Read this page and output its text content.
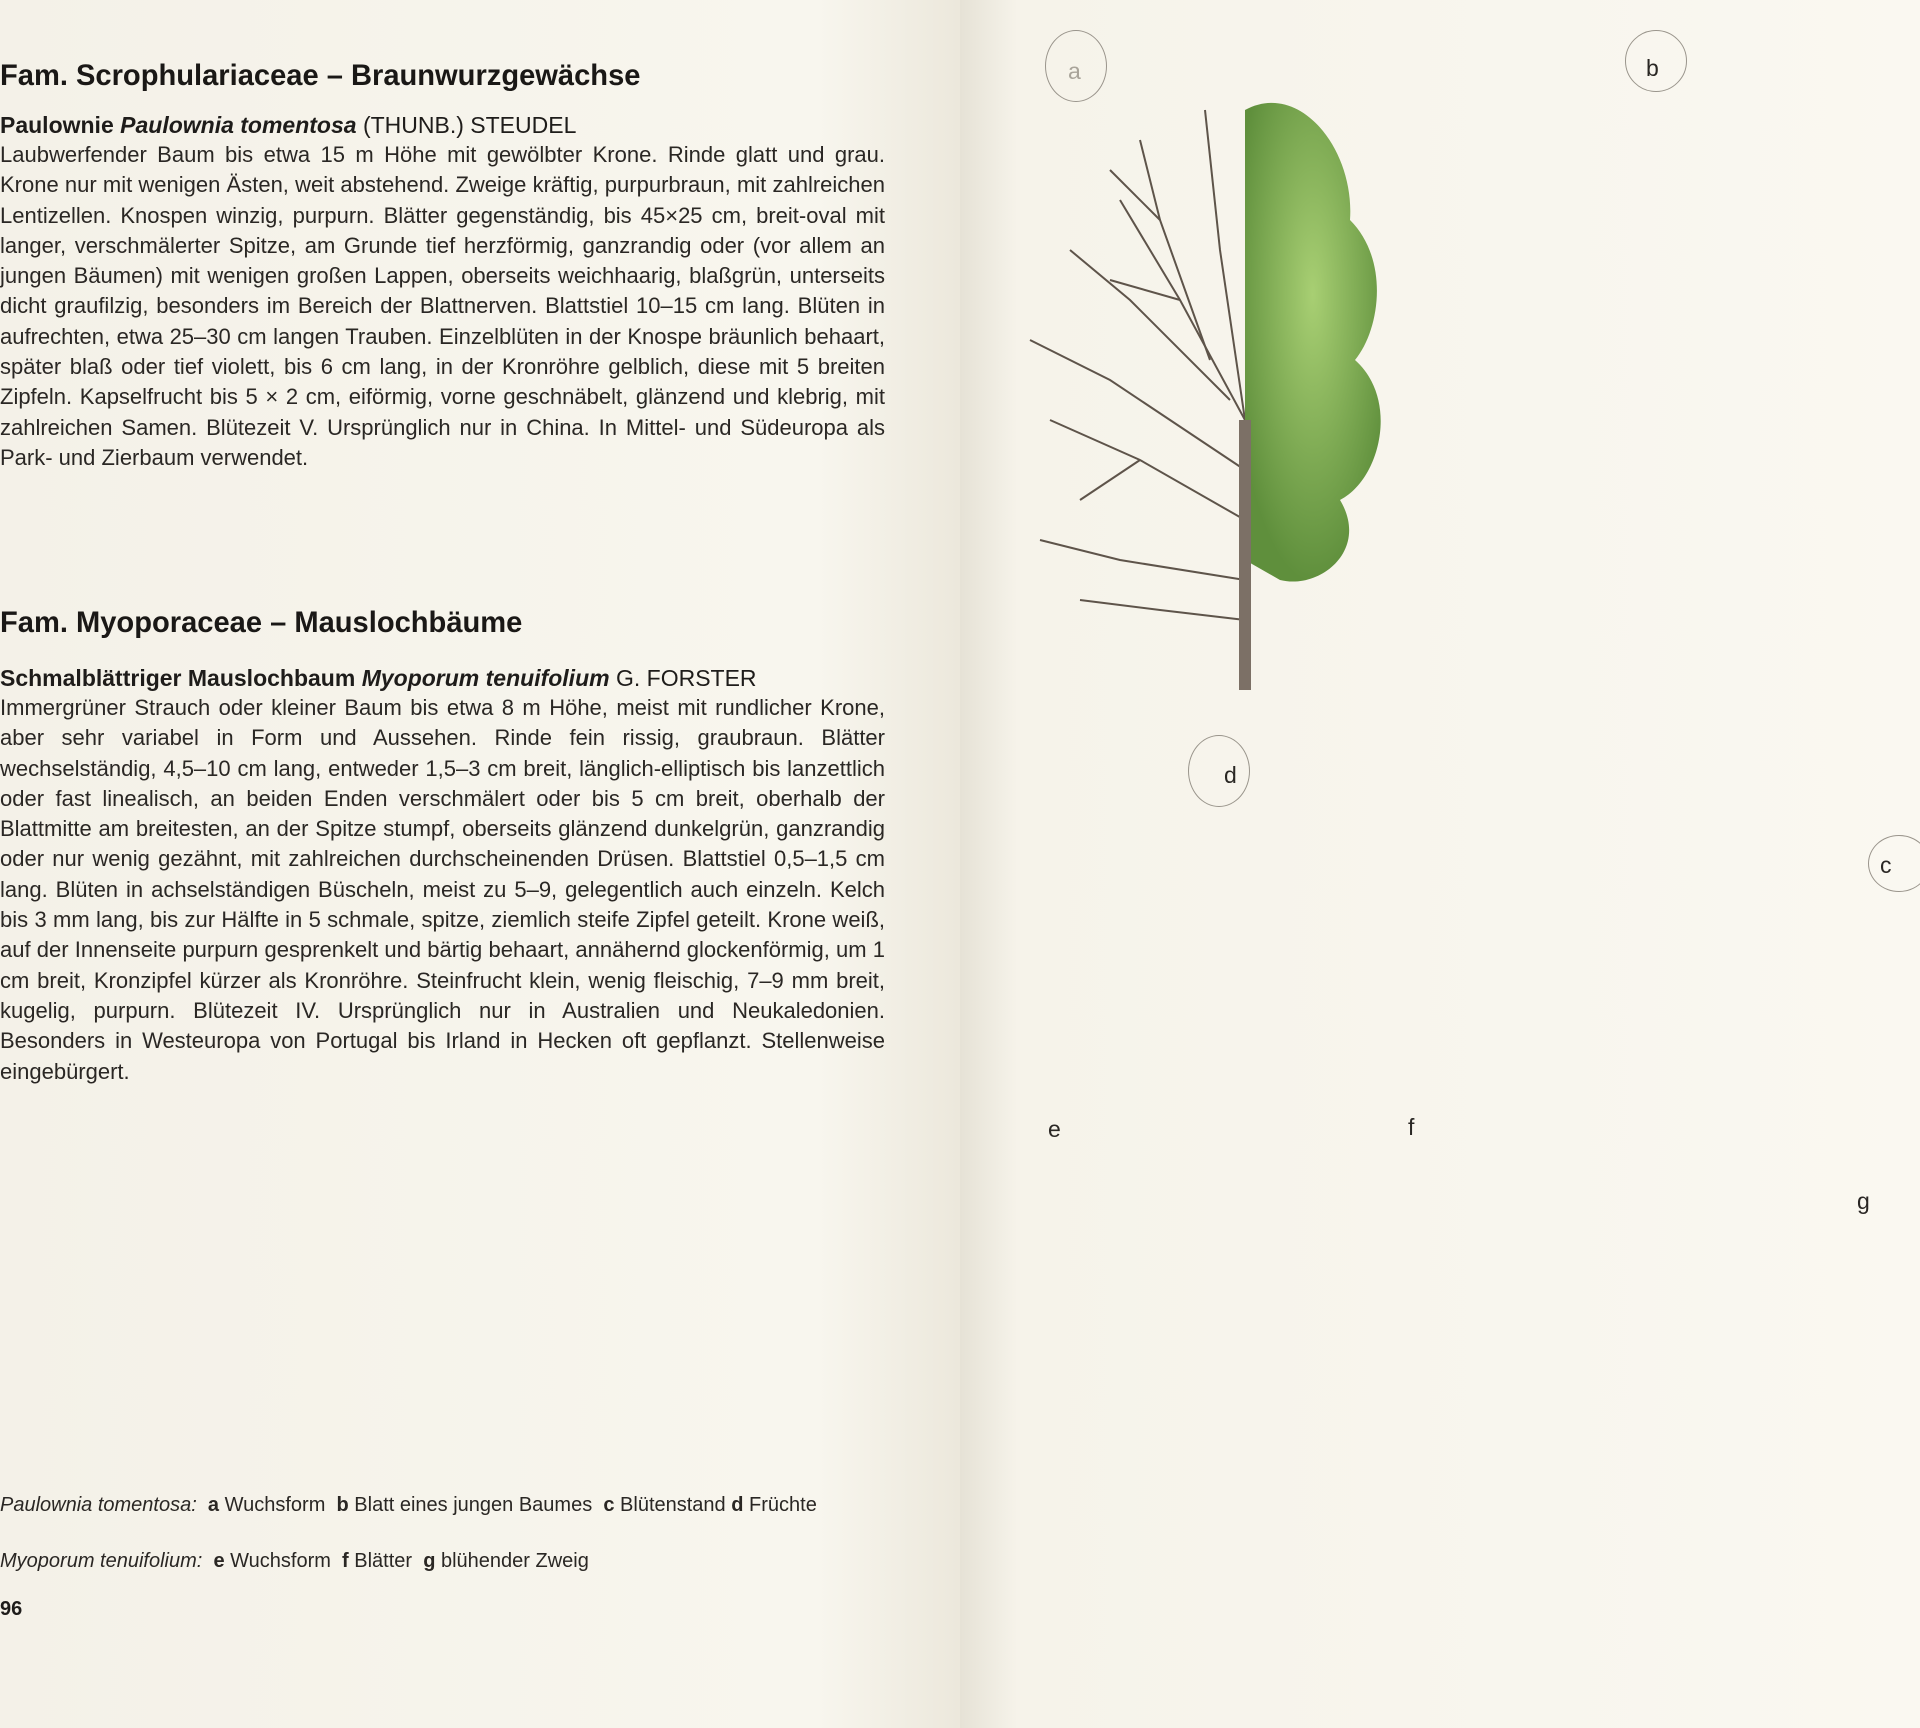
Fam. Scrophulariaceae – Braunwurzgewächse

Paulownie Paulownia tomentosa (THUNB.) STEUDEL

Laubwerfender Baum bis etwa 15 m Höhe mit gewölbter Krone. Rinde glatt und grau. Krone nur mit wenigen Ästen, weit abstehend. Zweige kräftig, purpurbraun, mit zahlreichen Lentizellen. Knospen winzig, purpurn. Blätter gegenständig, bis 45×25 cm, breit-oval mit langer, verschmälerter Spitze, am Grunde tief herzförmig, ganzrandig oder (vor allem an jungen Bäumen) mit wenigen großen Lappen, oberseits weichhaarig, blaßgrün, unterseits dicht graufilzig, besonders im Bereich der Blattnerven. Blattstiel 10–15 cm lang. Blüten in aufrechten, etwa 25–30 cm langen Trauben. Einzelblüten in der Knospe bräunlich behaart, später blaß oder tief violett, bis 6 cm lang, in der Kronröhre gelblich, diese mit 5 breiten Zipfeln. Kapselfrucht bis 5 × 2 cm, eiförmig, vorne geschnäbelt, glänzend und klebrig, mit zahlreichen Samen. Blütezeit V. Ursprünglich nur in China. In Mittel- und Südeuropa als Park- und Zierbaum verwendet.

Fam. Myoporaceae – Mauslochbäume

Schmalblättriger Mauslochbaum Myoporum tenuifolium G. FORSTER

Immergrüner Strauch oder kleiner Baum bis etwa 8 m Höhe, meist mit rundlicher Krone, aber sehr variabel in Form und Aussehen. Rinde fein rissig, graubraun. Blätter wechselständig, 4,5–10 cm lang, entweder 1,5–3 cm breit, länglich-elliptisch bis lanzettlich oder fast linealisch, an beiden Enden verschmälert oder bis 5 cm breit, oberhalb der Blattmitte am breitesten, an der Spitze stumpf, oberseits glänzend dunkelgrün, ganzrandig oder nur wenig gezähnt, mit zahlreichen durchscheinenden Drüsen. Blattstiel 0,5–1,5 cm lang. Blüten in achselständigen Büscheln, meist zu 5–9, gelegentlich auch einzeln. Kelch bis 3 mm lang, bis zur Hälfte in 5 schmale, spitze, ziemlich steife Zipfel geteilt. Krone weiß, auf der Innenseite purpurn gesprenkelt und bärtig behaart, annähernd glockenförmig, um 1 cm breit, Kronzipfel kürzer als Kronröhre. Steinfrucht klein, wenig fleischig, 7–9 mm breit, kugelig, purpurn. Blütezeit IV. Ursprünglich nur in Australien und Neukaledonien. Besonders in Westeuropa von Portugal bis Irland in Hecken oft gepflanzt. Stellenweise eingebürgert.

Paulownia tomentosa: a Wuchsform b Blatt eines jungen Baumes c Blütenstand d Früchte
Myoporum tenuifolium: e Wuchsform f Blätter g blühender Zweig
96
a	b
c
d
e	f
g
